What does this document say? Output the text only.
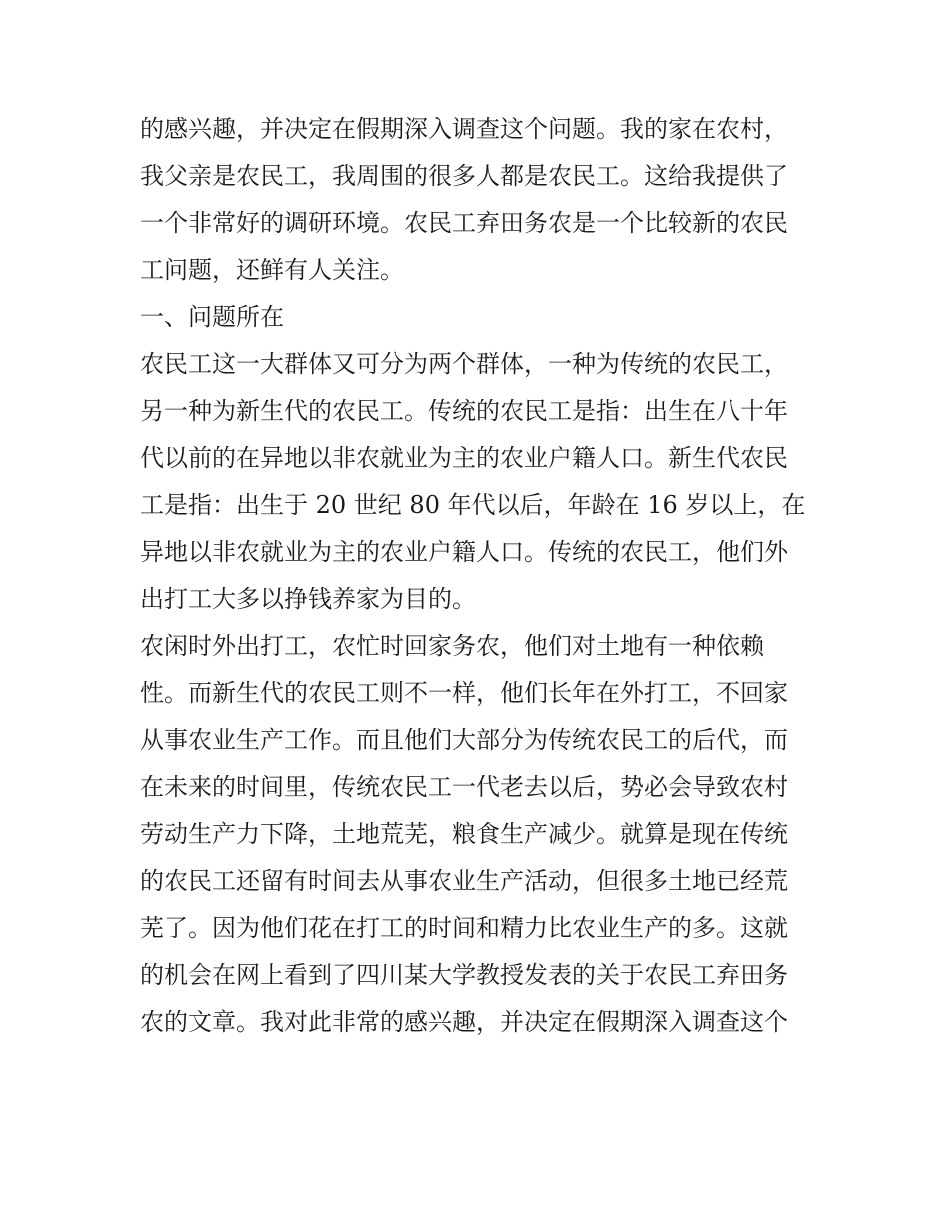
的感兴趣，并决定在假期深入调查这个问题。我的家在农村，
我父亲是农民工，我周围的很多人都是农民工。这给我提供了
一个非常好的调研环境。农民工弃田务农是一个比较新的农民
工问题，还鲜有人关注。
一、问题所在
农民工这一大群体又可分为两个群体，一种为传统的农民工，
另一种为新生代的农民工。传统的农民工是指：出生在八十年
代以前的在异地以非农就业为主的农业户籍人口。新生代农民
工是指：出生于 20 世纪 80 年代以后，年龄在 16 岁以上，在
异地以非农就业为主的农业户籍人口。传统的农民工，他们外
出打工大多以挣钱养家为目的。
农闲时外出打工，农忙时回家务农，他们对土地有一种依赖
性。而新生代的农民工则不一样，他们长年在外打工，不回家
从事农业生产工作。而且他们大部分为传统农民工的后代，而
在未来的时间里，传统农民工一代老去以后，势必会导致农村
劳动生产力下降，土地荒芜，粮食生产减少。就算是现在传统
的农民工还留有时间去从事农业生产活动，但很多土地已经荒
芜了。因为他们花在打工的时间和精力比农业生产的多。这就
的机会在网上看到了四川某大学教授发表的关于农民工弃田务
农的文章。我对此非常的感兴趣，并决定在假期深入调查这个
